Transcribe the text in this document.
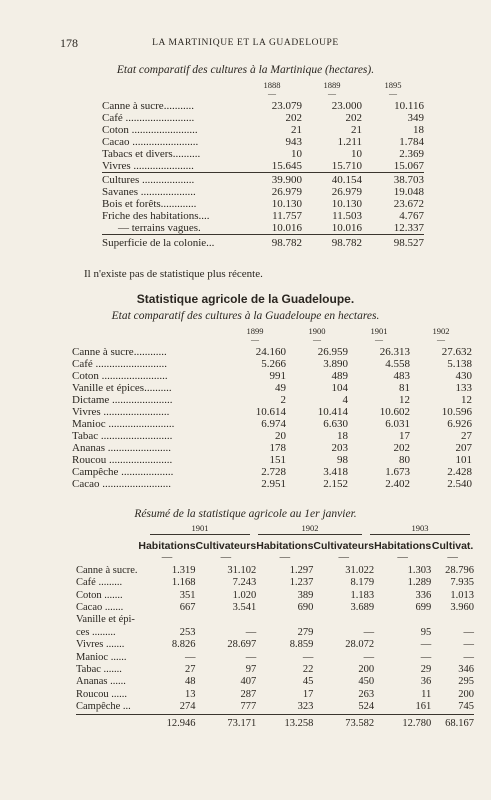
178	LA MARTINIQUE ET LA GUADELOUPE
Etat comparatif des cultures à la Martinique (hectares).
	1888	1889	1895
	—	—	—
Canne à sucre...........	23.079	23.000	10.116
Café .........................	202	202	349
Coton ........................	21	21	18
Cacao ........................	943	1.211	1.784
Tabacs et divers..........	10	10	2.369
Vivres ......................	15.645	15.710	15.067
Cultures ...................	39.900	40.154	38.703
Savanes ....................	26.979	26.979	19.048
Bois et forêts.............	10.130	10.130	23.672
Friche des habitations....	11.757	11.503	4.767
— terrains vagues.	10.016	10.016	12.337
Superficie de la colonie...	98.782	98.782	98.527
Il n'existe pas de statistique plus récente.
Statistique agricole de la Guadeloupe.
Etat comparatif des cultures à la Guadeloupe en hectares.
	1899	1900	1901	1902
	—	—	—	—
Canne à sucre............	24.160	26.959	26.313	27.632
Café ..........................	5.266	3.890	4.558	5.138
Coton ........................	991	489	483	430
Vanille et épices..........	49	104	81	133
Dictame ......................	2	4	12	12
Vivres ........................	10.614	10.414	10.602	10.596
Manioc ........................	6.974	6.630	6.031	6.926
Tabac ..........................	20	18	17	27
Ananas .......................	178	203	202	207
Roucou .......................	151	98	80	101
Campêche ...................	2.728	3.418	1.673	2.428
Cacao .........................	2.951	2.152	2.402	2.540
Résumé de la statistique agricole au 1er janvier.
1901	1902	1903

	Habitations	Cultivateurs	Habitations	Cultivateurs	Habitations	Cultivat.
	—	—	—	—	—	—
Canne à sucre.	1.319	31.102	1.297	31.022	1.303	28.796
Café .........	1.168	7.243	1.237	8.179	1.289	7.935
Coton .......	351	1.020	389	1.183	336	1.013
Cacao .......	667	3.541	690	3.689	699	3.960
Vanille et épi-						
ces .........	253	—	279	—	95	—
Vivres .......	8.826	28.697	8.859	28.072	—	—
Manioc ......	—	—	—	—	—	—
Tabac .......	27	97	22	200	29	346
Ananas ......	48	407	45	450	36	295
Roucou ......	13	287	17	263	11	200
Campêche ...	274	777	323	524	161	745
	12.946	73.171	13.258	73.582	12.780	68.167
